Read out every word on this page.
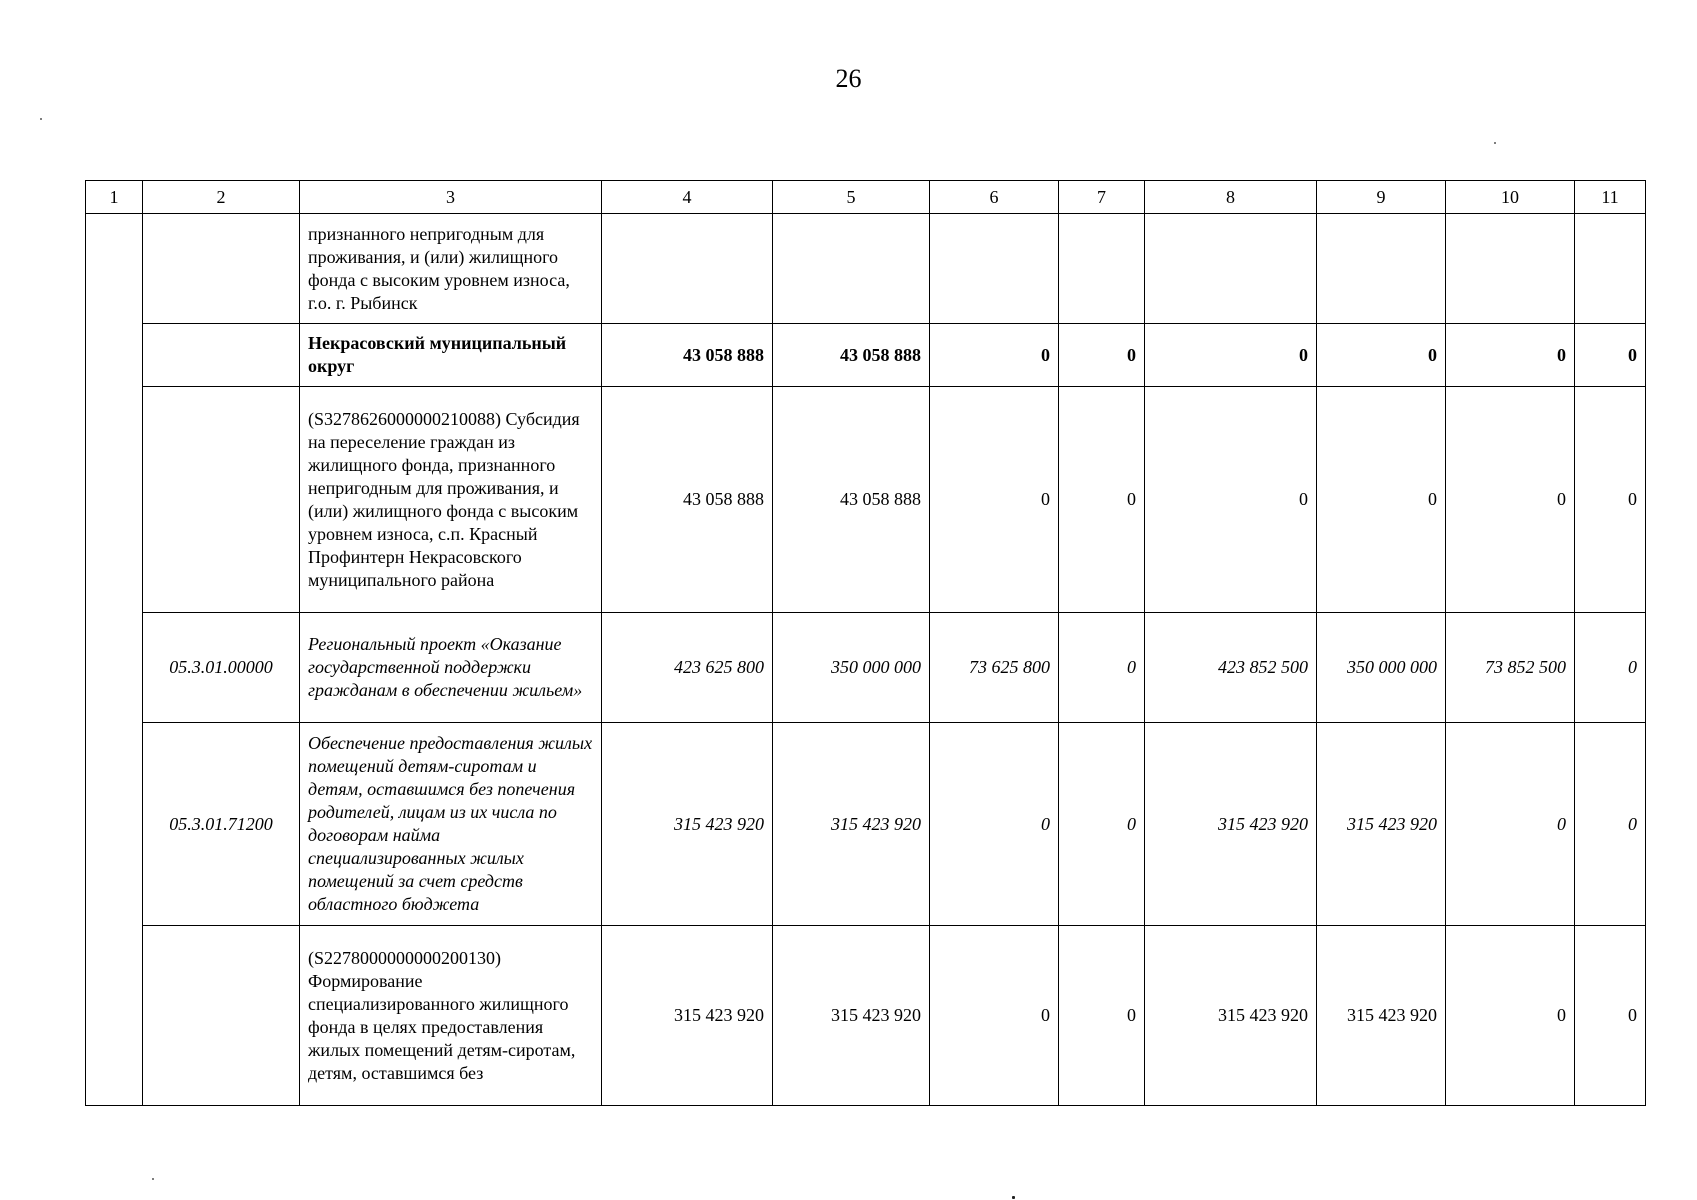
26
1	2	3	4	5	6	7	8	9	10	11
		признанного непригодным для проживания, и (или) жилищного фонда с высоким уровнем износа, г.о. г. Рыбинск								
		Некрасовский муниципальный округ	43 058 888	43 058 888	0	0	0	0	0	0
		(S3278626000000210088) Субсидия на переселение граждан из жилищного фонда, признанного непригодным для проживания, и (или) жилищного фонда с высоким уровнем износа, с.п. Красный Профинтерн Некрасовского муниципального района	43 058 888	43 058 888	0	0	0	0	0	0
	05.3.01.00000	Региональный проект «Оказание государственной поддержки гражданам в обеспечении жильем»	423 625 800	350 000 000	73 625 800	0	423 852 500	350 000 000	73 852 500	0
	05.3.01.71200	Обеспечение предоставления жилых помещений детям-сиротам и детям, оставшимся без попечения родителей, лицам из их числа по договорам найма специализированных жилых помещений за счет средств областного бюджета	315 423 920	315 423 920	0	0	315 423 920	315 423 920	0	0
		(S2278000000000200130) Формирование специализированного жилищного фонда в целях предоставления жилых помещений детям-сиротам, детям, оставшимся без	315 423 920	315 423 920	0	0	315 423 920	315 423 920	0	0
